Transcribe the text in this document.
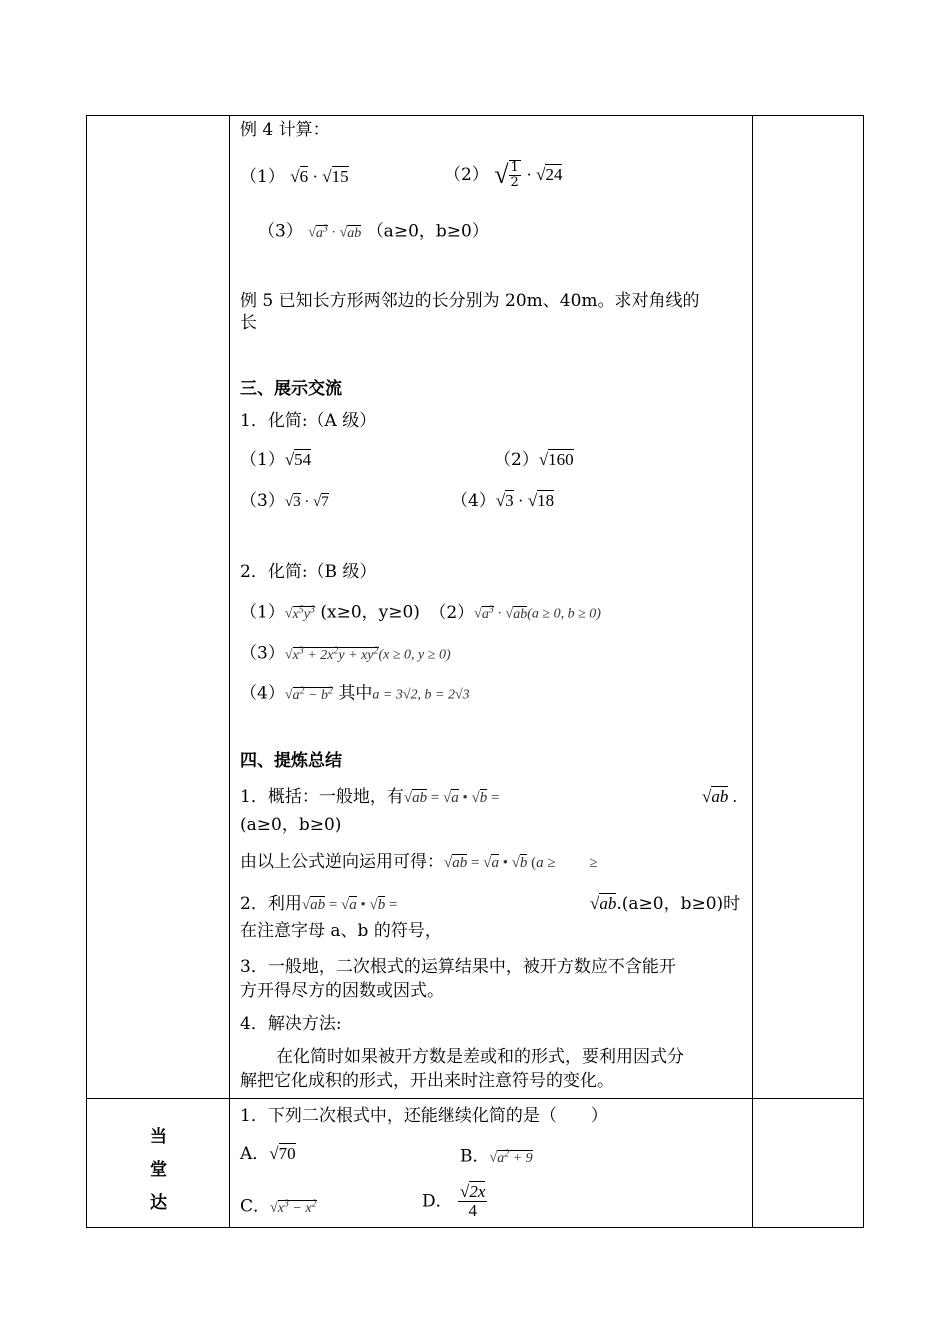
例 4 计算：
（1） √6 · √15	（2） √ $\frac{1}{2} \cdot √24$
（3） $√a^3 \cdot √ab$ （a≥0，b≥0）
例 5 已知长方形两邻边的长分别为 20m、40m。求对角线的
长
三、展示交流
1．化简:（A 级）
（1）√54	（2）√160
（3）√3 · √7	（4）√3 · √18
2．化简:（B 级）
$(1)√x^5y^3$ (x≥0，y≥0) $(2)√a^3 \cdot √ab(a \ge 0$, b ≥ 0)
$(3)√x^3 + 2x^2y + xy^2(x \ge 0$, y ≥ 0)
$(4)√a^2 - b^2$ 其中a = 3√2, b = 2√3
四、提炼总结
1．概括：一般地，有√ab = √a • √b =	√ab .
(a≥0，b≥0)
由以上公式逆向运用可得：√ab = √a • √b (a ≥         ≥
2．利用√ab = √a • √b =	√ab.(a≥0，b≥0)时
在注意字母 a、b 的符号，
3．一般地，二次根式的运算结果中，被开方数应不含能开
方开得尽方的因数或因式。
4．解决方法:
在化简时如果被开方数是差或和的形式，要利用因式分
解把它化成积的形式，开出来时注意符号的变化。
当
堂
达
1．下列二次根式中，还能继续化简的是（　　）
A．√70	B．$√a^2 + 9$
C．$√x^3 - x^2$	D． $\frac{√2x}{4}$
